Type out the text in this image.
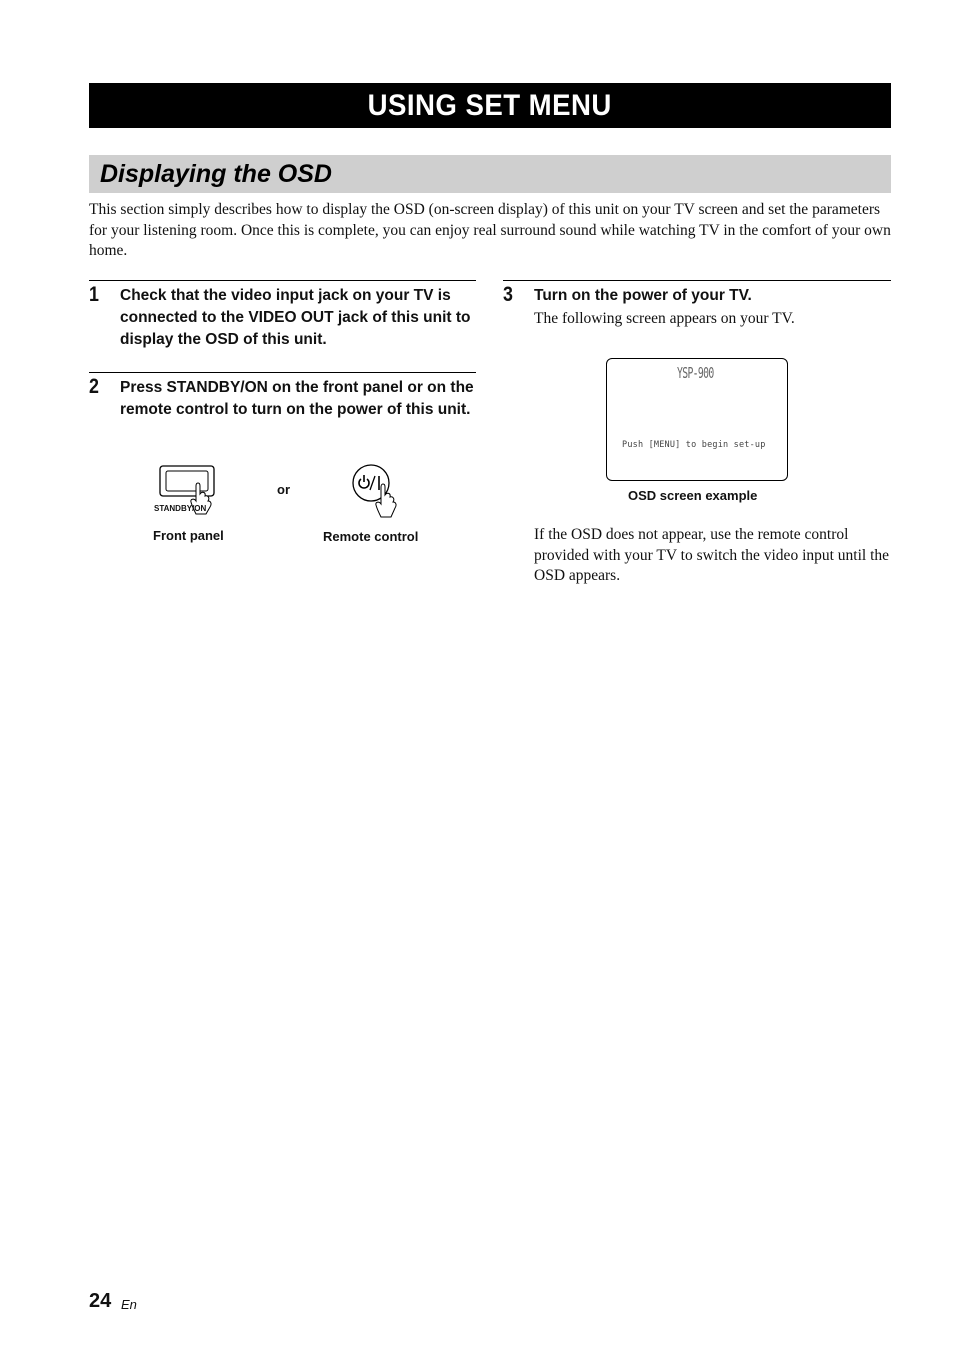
USING SET MENU
Displaying the OSD
This section simply describes how to display the OSD (on-screen display) of this unit on your TV screen and set the parameters for your listening room. Once this is complete, you can enjoy real surround sound while watching TV in the comfort of your own home.
1 Check that the video input jack on your TV is connected to the VIDEO OUT jack of this unit to display the OSD of this unit.
2 Press STANDBY/ON on the front panel or on the remote control to turn on the power of this unit.
STANDBY/ON
or
Front panel	Remote control
3 Turn on the power of your TV.
The following screen appears on your TV.
YSP-900
Push [MENU] to begin set-up
OSD screen example
If the OSD does not appear, use the remote control provided with your TV to switch the video input until the OSD appears.
24 En
